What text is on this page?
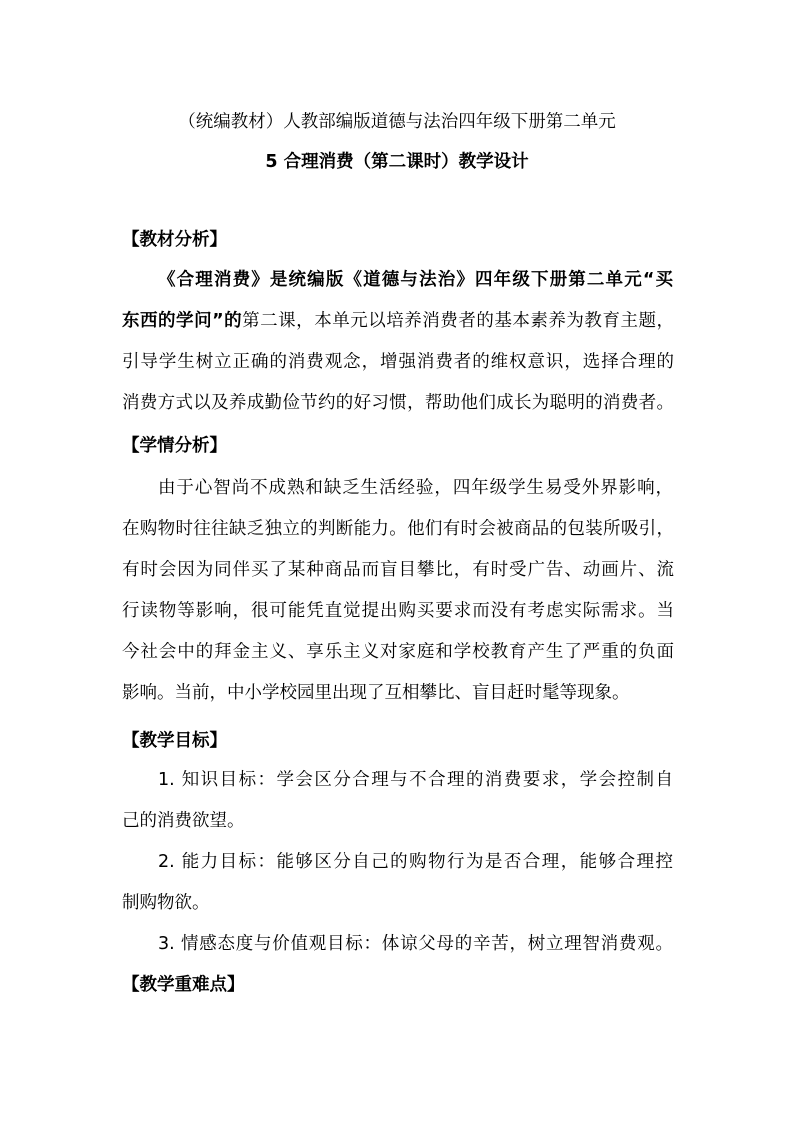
（统编教材）人教部编版道德与法治四年级下册第二单元
5 合理消费（第二课时）教学设计
【教材分析】
《合理消费》是统编版《道德与法治》四年级下册第二单元“买
东西的学问”的第二课，本单元以培养消费者的基本素养为教育主题，
引导学生树立正确的消费观念，增强消费者的维权意识，选择合理的
消费方式以及养成勤俭节约的好习惯，帮助他们成长为聪明的消费者。
【学情分析】
由于心智尚不成熟和缺乏生活经验，四年级学生易受外界影响，
在购物时往往缺乏独立的判断能力。他们有时会被商品的包装所吸引，
有时会因为同伴买了某种商品而盲目攀比，有时受广告、动画片、流
行读物等影响，很可能凭直觉提出购买要求而没有考虑实际需求。当
今社会中的拜金主义、享乐主义对家庭和学校教育产生了严重的负面
影响。当前，中小学校园里出现了互相攀比、盲目赶时髦等现象。
【教学目标】
1. 知识目标：学会区分合理与不合理的消费要求，学会控制自
己的消费欲望。
2. 能力目标：能够区分自己的购物行为是否合理，能够合理控
制购物欲。
3. 情感态度与价值观目标：体谅父母的辛苦，树立理智消费观。
【教学重难点】
